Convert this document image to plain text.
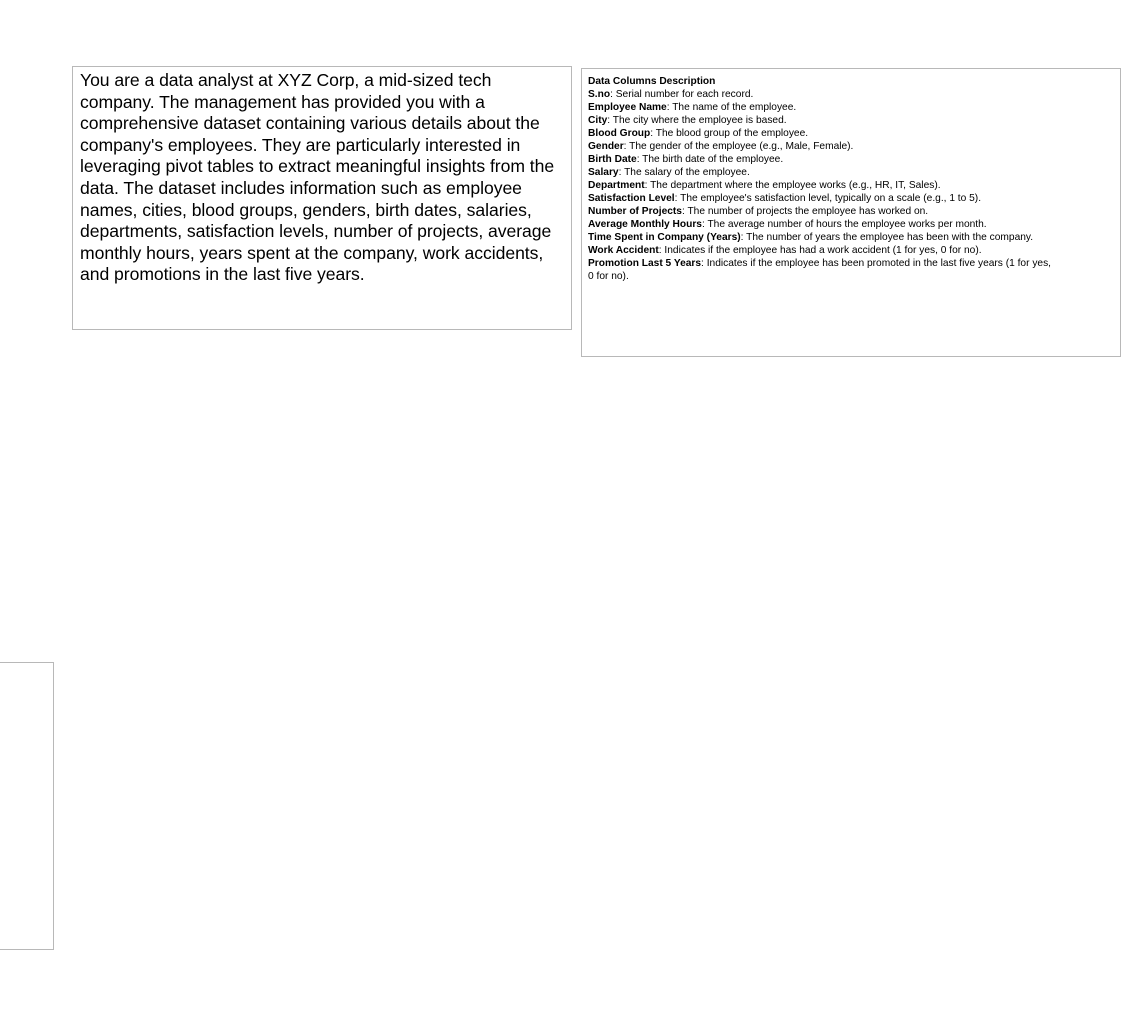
You are a data analyst at XYZ Corp, a mid-sized tech company. The management has provided you with a comprehensive dataset containing various details about the company's employees. They are particularly interested in leveraging pivot tables to extract meaningful insights from the data. The dataset includes information such as employee names, cities, blood groups, genders, birth dates, salaries, departments, satisfaction levels, number of projects, average monthly hours, years spent at the company, work accidents, and promotions in the last five years.

Data Columns Description

S.no: Serial number for each record.

Employee Name: The name of the employee.

City: The city where the employee is based.

Blood Group: The blood group of the employee.

Gender: The gender of the employee (e.g., Male, Female).

Birth Date: The birth date of the employee.

Salary: The salary of the employee.

Department: The department where the employee works (e.g., HR, IT, Sales).

Satisfaction Level: The employee's satisfaction level, typically on a scale (e.g., 1 to 5).

Number of Projects: The number of projects the employee has worked on.

Average Monthly Hours: The average number of hours the employee works per month.

Time Spent in Company (Years): The number of years the employee has been with the company.

Work Accident: Indicates if the employee has had a work accident (1 for yes, 0 for no).

Promotion Last 5 Years: Indicates if the employee has been promoted in the last five years (1 for yes,

0 for no).
